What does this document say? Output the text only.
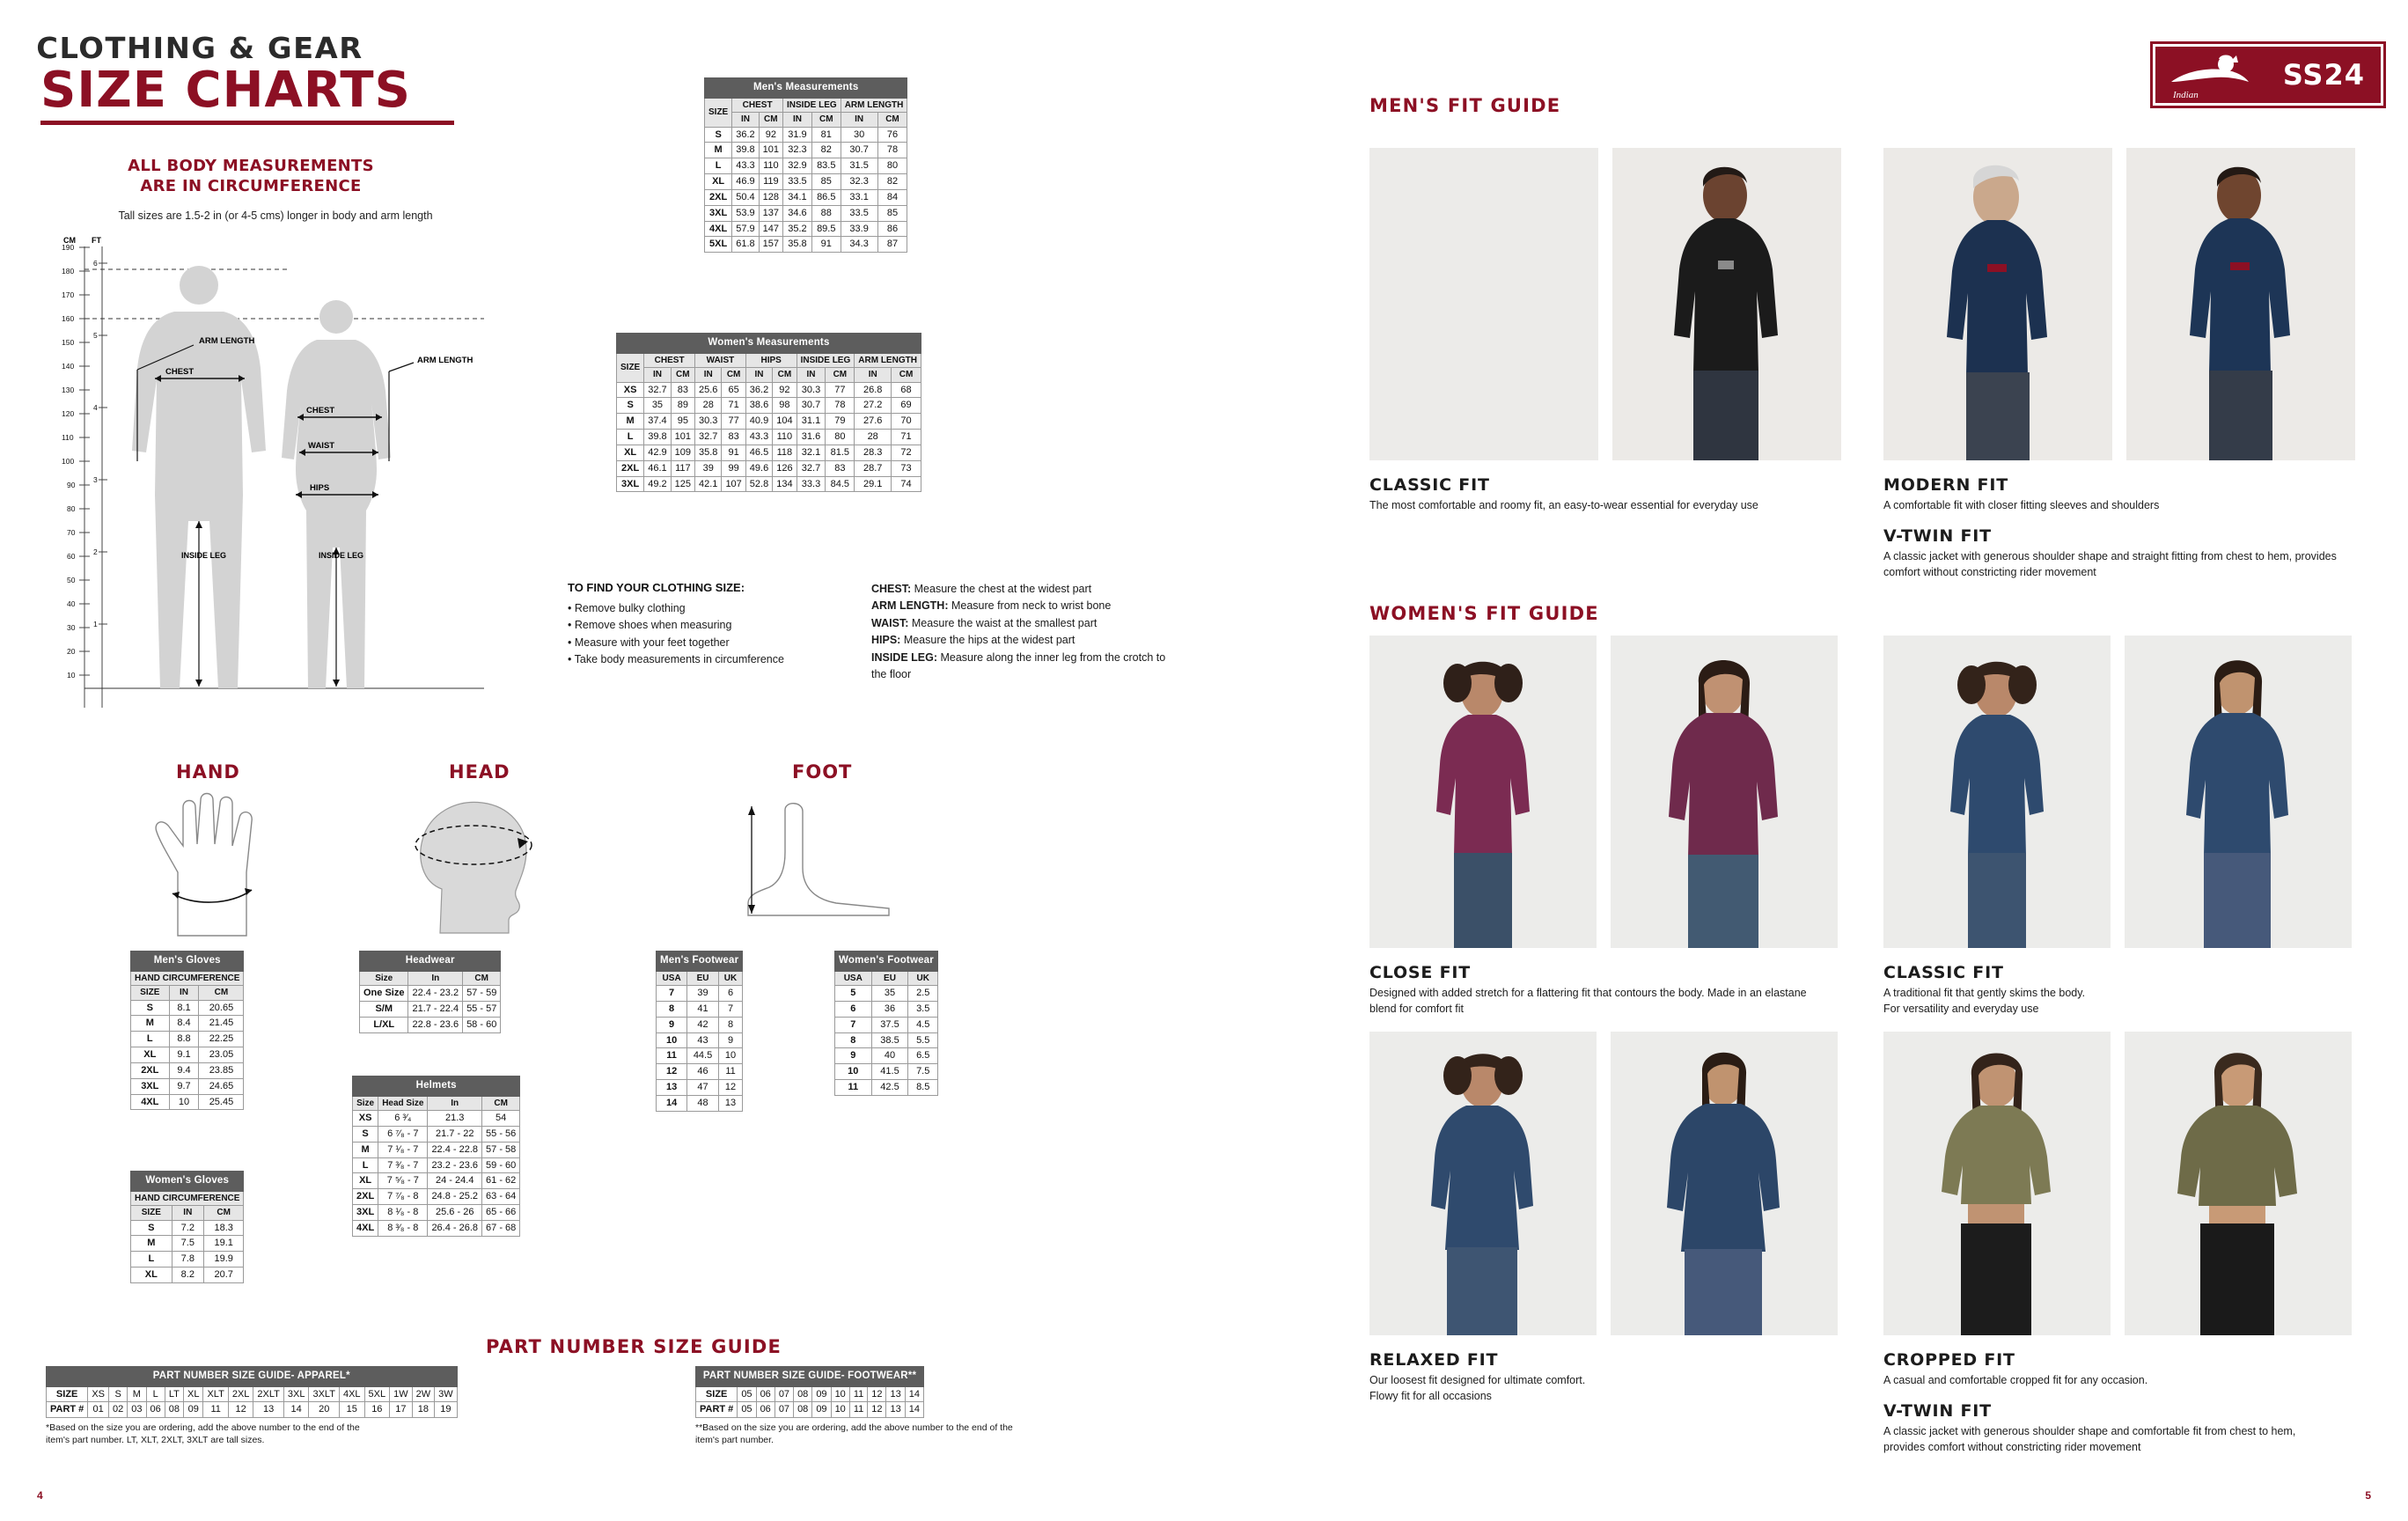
CLOTHING & GEAR
SIZE CHARTS
ALL BODY MEASUREMENTS
ARE IN CIRCUMFERENCE
Tall sizes are 1.5-2 in (or 4-5 cms) longer in body and arm length
CM FT
190
180
170
160
150
140
130
120
110
100
90
80
70
60
50
40
30
20
10
6
5
4
3
2
1
CHEST
ARM LENGTH
INSIDE LEG
CHEST
WAIST
HIPS
ARM LENGTH
INSIDE LEG
Men's Measurements						
SIZE	CHEST		INSIDE LEG		ARM LENGTH	
	IN	CM	IN	CM	IN	CM
S	36.2	92	31.9	81	30	76
M	39.8	101	32.3	82	30.7	78
L	43.3	110	32.9	83.5	31.5	80
XL	46.9	119	33.5	85	32.3	82
2XL	50.4	128	34.1	86.5	33.1	84
3XL	53.9	137	34.6	88	33.5	85
4XL	57.9	147	35.2	89.5	33.9	86
5XL	61.8	157	35.8	91	34.3	87
Women's Measurements										
SIZE	CHEST		WAIST		HIPS		INSIDE LEG		ARM LENGTH	
	IN	CM	IN	CM	IN	CM	IN	CM	IN	CM
XS	32.7	83	25.6	65	36.2	92	30.3	77	26.8	68
S	35	89	28	71	38.6	98	30.7	78	27.2	69
M	37.4	95	30.3	77	40.9	104	31.1	79	27.6	70
L	39.8	101	32.7	83	43.3	110	31.6	80	28	71
XL	42.9	109	35.8	91	46.5	118	32.1	81.5	28.3	72
2XL	46.1	117	39	99	49.6	126	32.7	83	28.7	73
3XL	49.2	125	42.1	107	52.8	134	33.3	84.5	29.1	74
TO FIND YOUR CLOTHING SIZE:
• Remove bulky clothing
• Remove shoes when measuring
• Measure with your feet together
• Take body measurements in circumference

CHEST: Measure the chest at the widest part

ARM LENGTH: Measure from neck to wrist bone

WAIST: Measure the waist at the smallest part

HIPS: Measure the hips at the widest part

INSIDE LEG: Measure along the inner leg from the crotch to the floor

HAND	HEAD	FOOT
Men's Gloves		
HAND CIRCUMFERENCE		
SIZE	IN	CM
S	8.1	20.65
M	8.4	21.45
L	8.8	22.25
XL	9.1	23.05
2XL	9.4	23.85
3XL	9.7	24.65
4XL	10	25.45
Women's Gloves		
HAND CIRCUMFERENCE		
SIZE	IN	CM
S	7.2	18.3
M	7.5	19.1
L	7.8	19.9
XL	8.2	20.7
Headwear		
Size	In	CM
One Size	22.4 - 23.2	57 - 59
S/M	21.7 - 22.4	55 - 57
L/XL	22.8 - 23.6	58 - 60
Helmets			
Size	Head Size	In	CM
XS	6 ³⁄₄	21.3	54
S	6 ⁷⁄₈ - 7	21.7 - 22	55 - 56
M	7 ¹⁄₈ - 7	22.4 - 22.8	57 - 58
L	7 ³⁄₈ - 7	23.2 - 23.6	59 - 60
XL	7 ⁵⁄₈ - 7	24 - 24.4	61 - 62
2XL	7 ⁷⁄₈ - 8	24.8 - 25.2	63 - 64
3XL	8 ¹⁄₈ - 8	25.6 - 26	65 - 66
4XL	8 ³⁄₈ - 8	26.4 - 26.8	67 - 68
Men's Footwear		
USA	EU	UK
7	39	6
8	41	7
9	42	8
10	43	9
11	44.5	10
12	46	11
13	47	12
14	48	13
Women's Footwear		
USA	EU	UK
5	35	2.5
6	36	3.5
7	37.5	4.5
8	38.5	5.5
9	40	6.5
10	41.5	7.5
11	42.5	8.5
PART NUMBER SIZE GUIDE
PART NUMBER SIZE GUIDE- APPAREL*																
SIZE	XS	S	M	L	LT	XL	XLT	2XL	2XLT	3XL	3XLT	4XL	5XL	1W	2W	3W
PART #	01	02	03	06	08	09	11	12	13	14	20	15	16	17	18	19
PART NUMBER SIZE GUIDE- FOOTWEAR**										
SIZE	05	06	07	08	09	10	11	12	13	14
PART #	05	06	07	08	09	10	11	12	13	14
*Based on the size you are ordering, add the above number to the end of the item's part number. LT, XLT, 2XLT, 3XLT are tall sizes.
**Based on the size you are ordering, add the above number to the end of the item's part number.
4
Indian
SS24
MEN'S FIT GUIDE
WOMEN'S FIT GUIDE
CLASSIC FIT
The most comfortable and roomy fit, an easy-to-wear essential for everyday use
MODERN FIT
A comfortable fit with closer fitting sleeves and shoulders
V-TWIN FIT
A classic jacket with generous shoulder shape and straight fitting from chest to hem, provides comfort without constricting rider movement
CLOSE FIT
Designed with added stretch for a flattering fit that contours the body. Made in an elastane blend for comfort fit
CLASSIC FIT
A traditional fit that gently skims the body.
For versatility and everyday use
RELAXED FIT
Our loosest fit designed for ultimate comfort.
Flowy fit for all occasions
CROPPED FIT
A casual and comfortable cropped fit for any occasion.
V-TWIN FIT
A classic jacket with generous shoulder shape and comfortable fit from chest to hem, provides comfort without constricting rider movement
5
